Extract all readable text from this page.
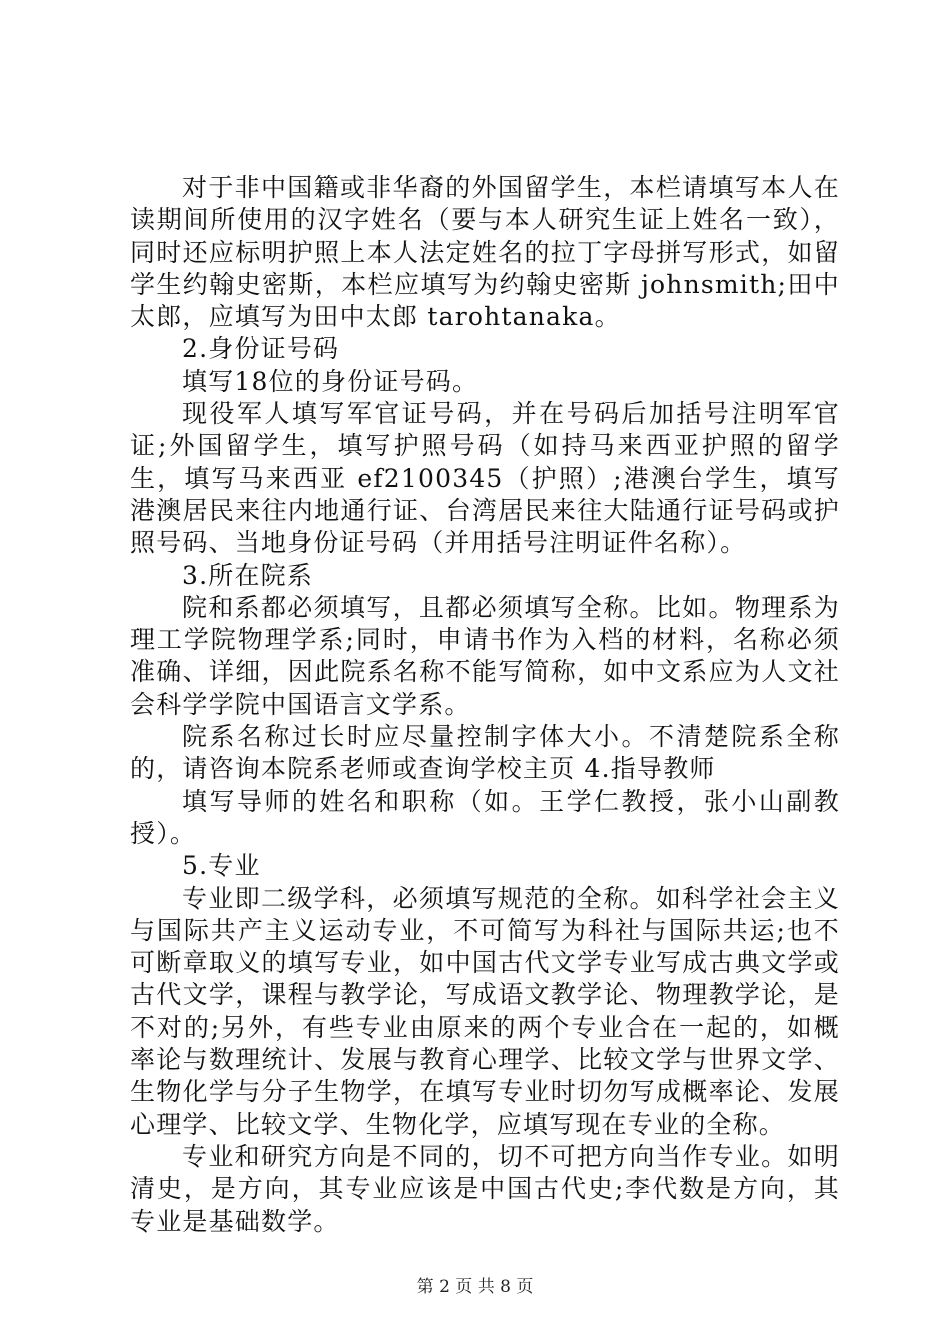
对于非中国籍或非华裔的外国留学生，本栏请填写本人在读期间所使用的汉字姓名（要与本人研究生证上姓名一致），同时还应标明护照上本人法定姓名的拉丁字母拼写形式，如留学生约翰史密斯，本栏应填写为约翰史密斯 johnsmith;田中太郎，应填写为田中太郎 tarohtanaka。

2.身份证号码

填写18位的身份证号码。

现役军人填写军官证号码，并在号码后加括号注明军官证;外国留学生，填写护照号码（如持马来西亚护照的留学生，填写马来西亚 ef2100345（护照）;港澳台学生，填写港澳居民来往内地通行证、台湾居民来往大陆通行证号码或护照号码、当地身份证号码（并用括号注明证件名称）。

3.所在院系

院和系都必须填写，且都必须填写全称。比如。物理系为理工学院物理学系;同时，申请书作为入档的材料，名称必须准确、详细，因此院系名称不能写简称，如中文系应为人文社会科学学院中国语言文学系。

院系名称过长时应尽量控制字体大小。不清楚院系全称的，请咨询本院系老师或查询学校主页 4.指导教师

填写导师的姓名和职称（如。王学仁教授，张小山副教授）。

5.专业

专业即二级学科，必须填写规范的全称。如科学社会主义与国际共产主义运动专业，不可简写为科社与国际共运;也不可断章取义的填写专业，如中国古代文学专业写成古典文学或古代文学，课程与教学论，写成语文教学论、物理教学论，是不对的;另外，有些专业由原来的两个专业合在一起的，如概率论与数理统计、发展与教育心理学、比较文学与世界文学、生物化学与分子生物学，在填写专业时切勿写成概率论、发展心理学、比较文学、生物化学，应填写现在专业的全称。

专业和研究方向是不同的，切不可把方向当作专业。如明清史，是方向，其专业应该是中国古代史;李代数是方向，其专业是基础数学。

第 2 页 共 8 页
